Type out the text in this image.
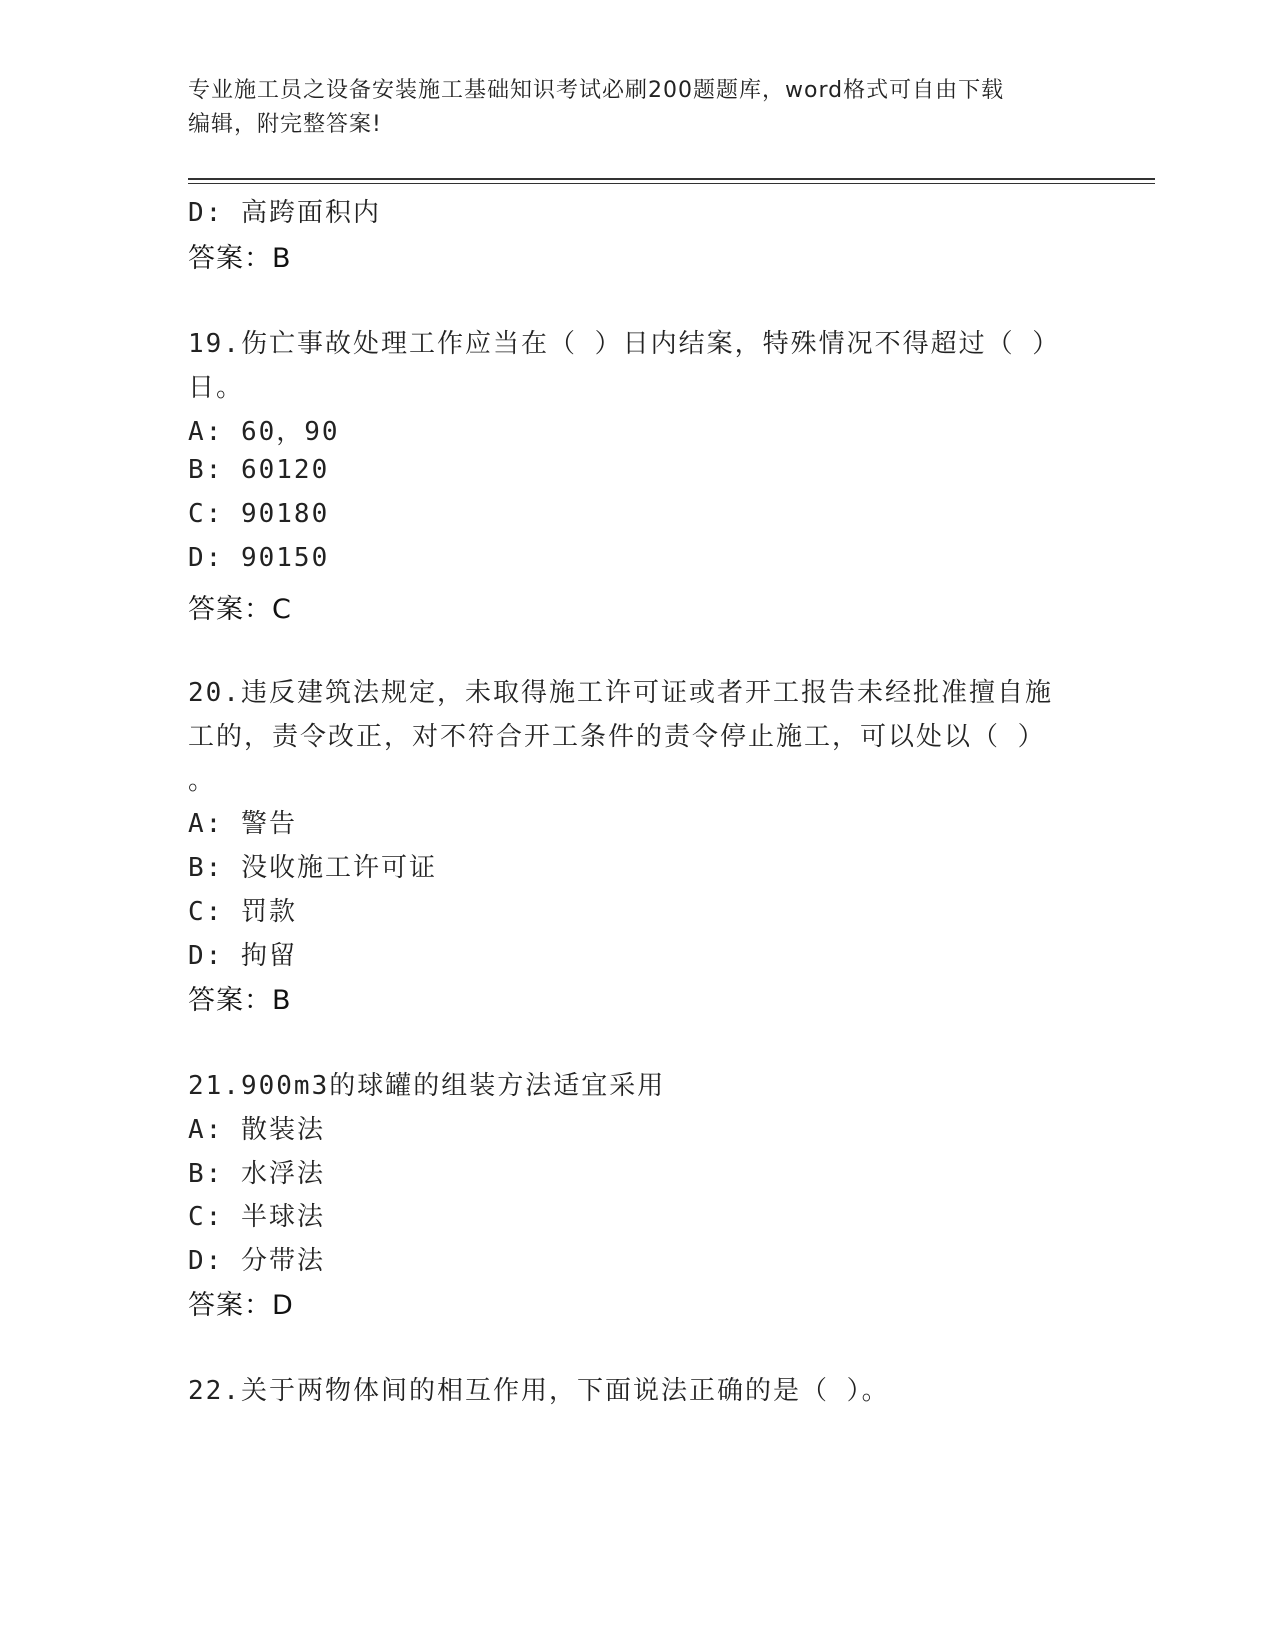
专业施工员之设备安装施工基础知识考试必刷200题题库，word格式可自由下载
编辑，附完整答案!
D: 高跨面积内
答案：B
19.伤亡事故处理工作应当在（ ）日内结案，特殊情况不得超过（ ）
日。
A: 60，90
B: 60120
C: 90180
D: 90150
答案：C
20.违反建筑法规定，未取得施工许可证或者开工报告未经批准擅自施
工的，责令改正，对不符合开工条件的责令停止施工，可以处以（ ）
。
A: 警告
B: 没收施工许可证
C: 罚款
D: 拘留
答案：B
21.900m3的球罐的组装方法适宜采用
A: 散装法
B: 水浮法
C: 半球法
D: 分带法
答案：D
22.关于两物体间的相互作用，下面说法正确的是（ ）。
